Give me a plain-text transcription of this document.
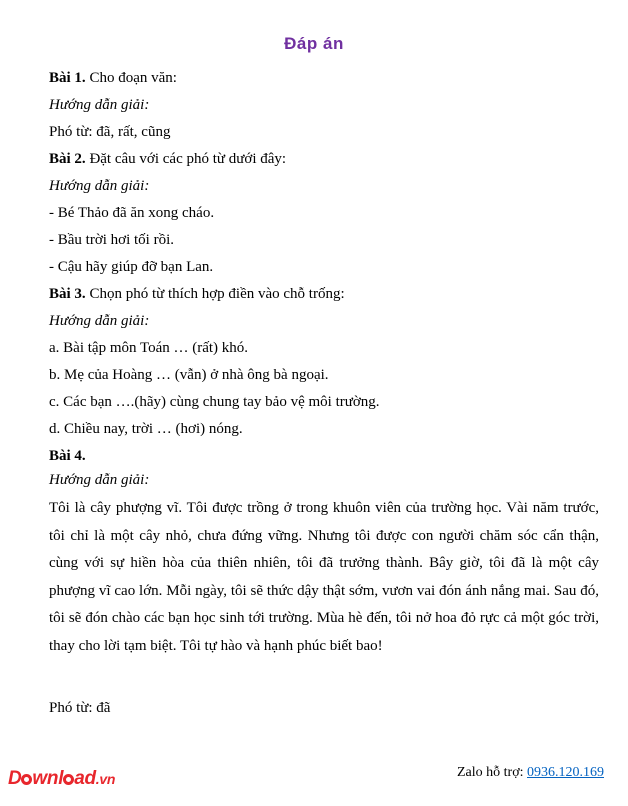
Đáp án
Bài 1. Cho đoạn văn:
Hướng dẫn giải:
Phó từ: đã, rất, cũng
Bài 2. Đặt câu với các phó từ dưới đây:
Hướng dẫn giải:
- Bé Thảo đã ăn xong cháo.
- Bầu trời hơi tối rồi.
- Cậu hãy giúp đỡ bạn Lan.
Bài 3. Chọn phó từ thích hợp điền vào chỗ trống:
Hướng dẫn giải:
a. Bài tập môn Toán … (rất) khó.
b. Mẹ của Hoàng … (vẫn) ở nhà ông bà ngoại.
c. Các bạn ….(hãy) cùng chung tay bảo vệ môi trường.
d. Chiều nay, trời … (hơi) nóng.
Bài 4.
Hướng dẫn giải:
Tôi là cây phượng vĩ. Tôi được trồng ở trong khuôn viên của trường học. Vài năm trước, tôi chỉ là một cây nhỏ, chưa đứng vững. Nhưng tôi được con người chăm sóc cẩn thận, cùng với sự hiền hòa của thiên nhiên, tôi đã trưởng thành. Bây giờ, tôi đã là một cây phượng vĩ cao lớn. Mỗi ngày, tôi sẽ thức dậy thật sớm, vươn vai đón ánh nắng mai. Sau đó, tôi sẽ đón chào các bạn học sinh tới trường. Mùa hè đến, tôi nở hoa đỏ rực cả một góc trời, thay cho lời tạm biệt. Tôi tự hào và hạnh phúc biết bao!
Phó từ: đã
D wnl ad.vn	Zalo hỗ trợ: 0936.120.169
